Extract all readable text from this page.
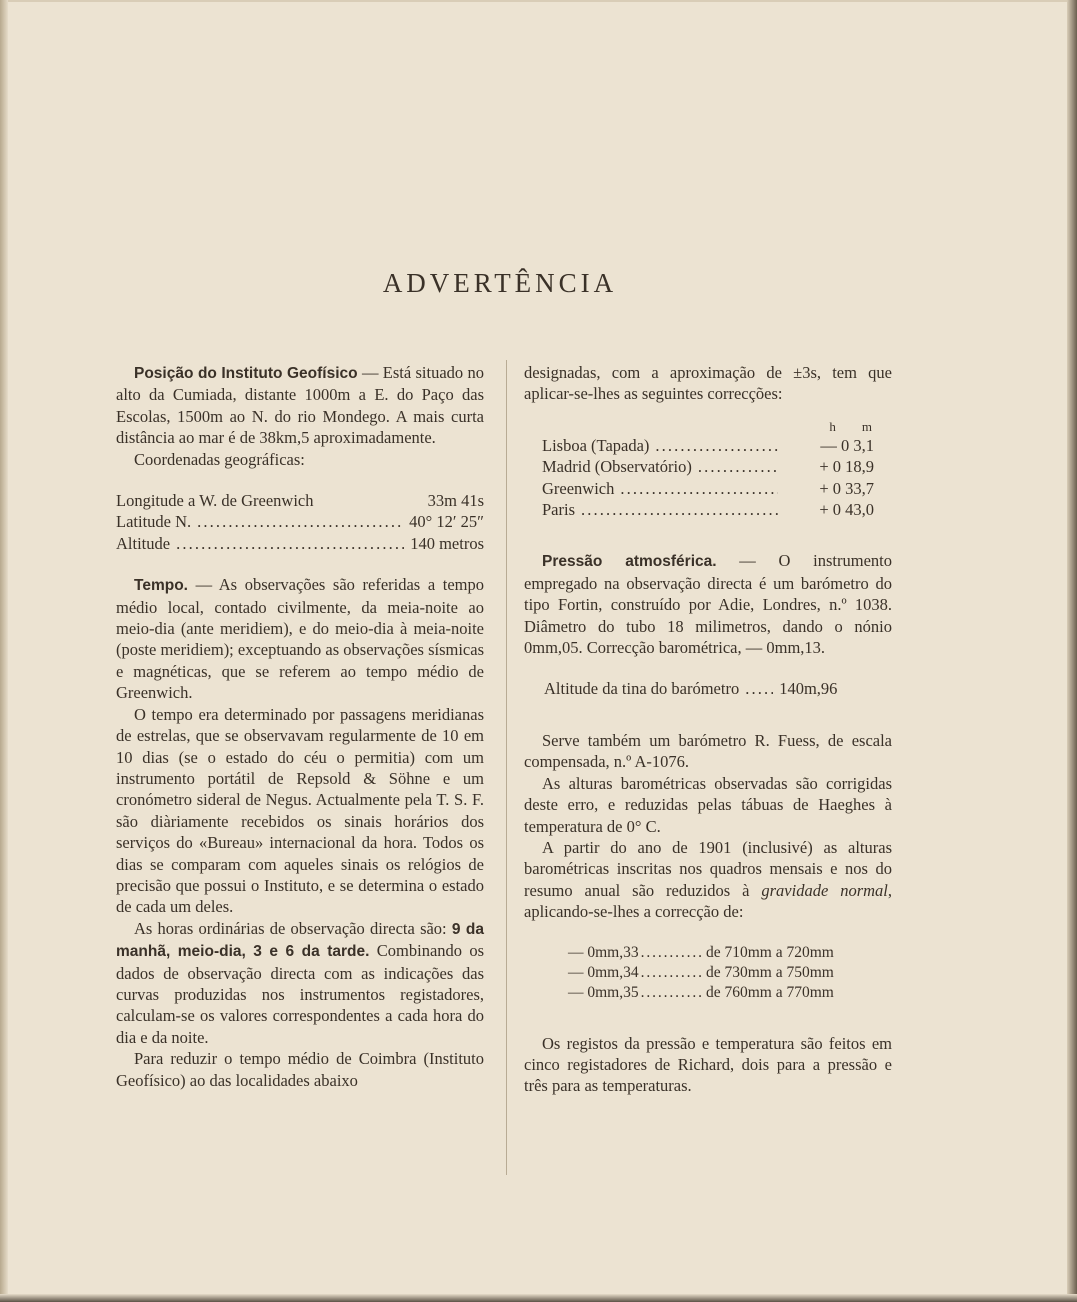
ADVERTÊNCIA

Posição do Instituto Geofísico — Está situado no alto da Cumiada, distante 1000m a E. do Paço das Escolas, 1500m ao N. do rio Mondego. A mais curta distância ao mar é de 38km,5 aproximadamente.

Coordenadas geográficas:

Longitude a W. de Greenwich	33m 41s
Latitude N. . . .	40° 12′ 25″
Altitude . . .	140 metros

Tempo. — As observações são referidas a tempo médio local, contado civilmente, da meia-noite ao meio-dia (ante meridiem), e do meio-dia à meia-noite (poste meridiem); exceptuando as observações sísmicas e magnéticas, que se referem ao tempo médio de Greenwich.

O tempo era determinado por passagens meridianas de estrelas, que se observavam regularmente de 10 em 10 dias (se o estado do céu o permitia) com um instrumento portátil de Repsold & Söhne e um cronómetro sideral de Negus. Actualmente pela T. S. F. são diàriamente recebidos os sinais horários dos serviços do «Bureau» internacional da hora. Todos os dias se comparam com aqueles sinais os relógios de precisão que possui o Instituto, e se determina o estado de cada um deles.

As horas ordinárias de observação directa são: 9 da manhã, meio-dia, 3 e 6 da tarde. Combinando os dados de observação directa com as indicações das curvas produzidas nos instrumentos registadores, calculam-se os valores correspondentes a cada hora do dia e da noite.

Para reduzir o tempo médio de Coimbra (Instituto Geofísico) ao das localidades abaixo

designadas, com a aproximação de ±3s, tem que aplicar-se-lhes as seguintes correcções:

h m
Lisboa (Tapada) . . .	— 0 3,1
Madrid (Observatório) . . .	+ 0 18,9
Greenwich . . .	+ 0 33,7
Paris . . .	+ 0 43,0

Pressão atmosférica. — O instrumento empregado na observação directa é um barómetro do tipo Fortin, construído por Adie, Londres, n.º 1038. Diâmetro do tubo 18 milimetros, dando o nónio 0mm,05. Correcção barométrica, — 0mm,13.

Altitude da tina do barómetro . . . 140m,96

Serve também um barómetro R. Fuess, de escala compensada, n.º A-1076.

As alturas barométricas observadas são corrigidas deste erro, e reduzidas pelas tábuas de Haeghes à temperatura de 0° C.

A partir do ano de 1901 (inclusivé) as alturas barométricas inscritas nos quadros mensais e nos do resumo anual são reduzidos à gravidade normal, aplicando-se-lhes a correcção de:

— 0mm,33 . . .	de 710mm a 720mm
— 0mm,34 . . .	de 730mm a 750mm
— 0mm,35 . . .	de 760mm a 770mm

Os registos da pressão e temperatura são feitos em cinco registadores de Richard, dois para a pressão e três para as temperaturas.
